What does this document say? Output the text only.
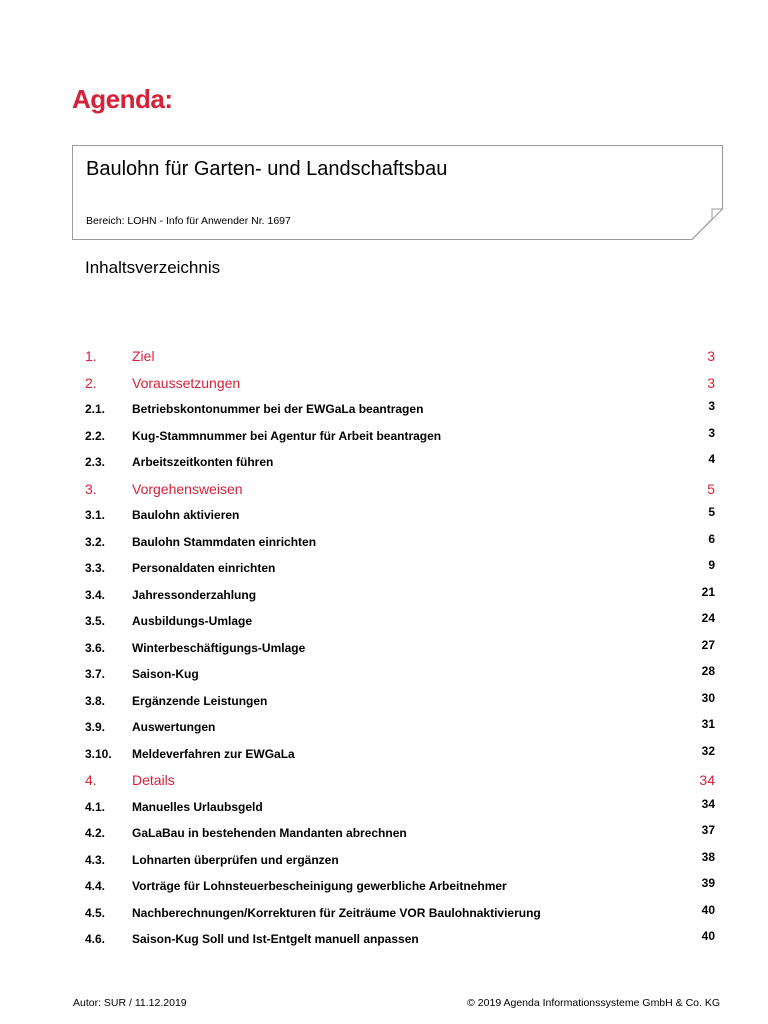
Agenda:
Baulohn für Garten- und Landschaftsbau
Bereich: LOHN - Info für Anwender Nr. 1697
Inhaltsverzeichnis
1.	Ziel	3
2.	Voraussetzungen	3
2.1. Betriebskontonummer bei der EWGaLa beantragen	3
2.2. Kug-Stammnummer bei Agentur für Arbeit beantragen	3
2.3. Arbeitszeitkonten führen	4
3.	Vorgehensweisen	5
3.1. Baulohn aktivieren	5
3.2. Baulohn Stammdaten einrichten	6
3.3. Personaldaten einrichten	9
3.4. Jahressonderzahlung	21
3.5. Ausbildungs-Umlage	24
3.6. Winterbeschäftigungs-Umlage	27
3.7. Saison-Kug	28
3.8. Ergänzende Leistungen	30
3.9. Auswertungen	31
3.10. Meldeverfahren zur EWGaLa	32
4.	Details	34
4.1. Manuelles Urlaubsgeld	34
4.2. GaLaBau in bestehenden Mandanten abrechnen	37
4.3. Lohnarten überprüfen und ergänzen	38
4.4. Vorträge für Lohnsteuerbescheinigung gewerbliche Arbeitnehmer	39
4.5. Nachberechnungen/Korrekturen für Zeiträume VOR Baulohnaktivierung	40
4.6. Saison-Kug Soll und Ist-Entgelt manuell anpassen	40
Autor: SUR / 11.12.2019	© 2019 Agenda Informationssysteme GmbH & Co. KG
